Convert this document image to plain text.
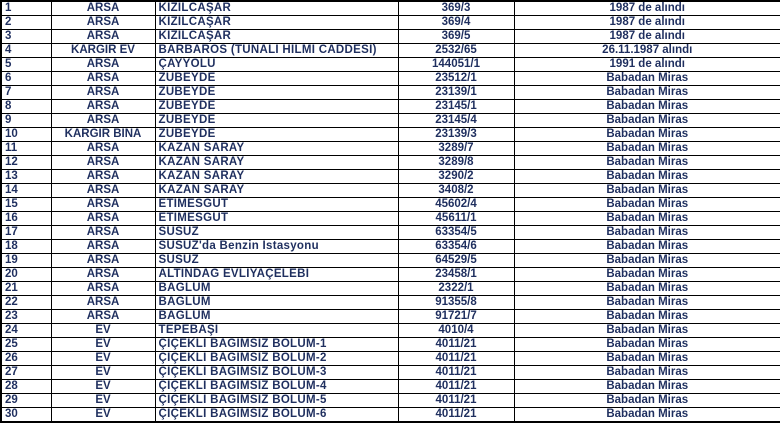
1	ARSA	KIZILCAŞAR	369/3	1987 de alındı
2	ARSA	KIZILCAŞAR	369/4	1987 de alındı
3	ARSA	KIZILCAŞAR	369/5	1987 de alındı
4	KARGİR EV	BARBAROS (TUNALI HİLMİ CADDESİ)	2532/65	26.11.1987 alındı
5	ARSA	ÇAYYOLU	144051/1	1991 de alındı
6	ARSA	ZÜBEYDE	23512/1	Babadan Miras
7	ARSA	ZÜBEYDE	23139/1	Babadan Miras
8	ARSA	ZÜBEYDE	23145/1	Babadan Miras
9	ARSA	ZÜBEYDE	23145/4	Babadan Miras
10	KARGİR BİNA	ZÜBEYDE	23139/3	Babadan Miras
11	ARSA	KAZAN SARAY	3289/7	Babadan Miras
12	ARSA	KAZAN SARAY	3289/8	Babadan Miras
13	ARSA	KAZAN SARAY	3290/2	Babadan Miras
14	ARSA	KAZAN SARAY	3408/2	Babadan Miras
15	ARSA	ETİMESGUT	45602/4	Babadan Miras
16	ARSA	ETİMESGUT	45611/1	Babadan Miras
17	ARSA	SUSUZ	63354/5	Babadan Miras
18	ARSA	SUSUZ'da Benzin İstasyonu	63354/6	Babadan Miras
19	ARSA	SUSUZ	64529/5	Babadan Miras
20	ARSA	ALTINDAĞ EVLİYAÇELEBİ	23458/1	Babadan Miras
21	ARSA	BAĞLUM	2322/1	Babadan Miras
22	ARSA	BAĞLUM	91355/8	Babadan Miras
23	ARSA	BAĞLUM	91721/7	Babadan Miras
24	EV	TEPEBAŞI	4010/4	Babadan Miras
25	EV	ÇİÇEKLİ BAĞIMSIZ BÖLÜM-1	4011/21	Babadan Miras
26	EV	ÇİÇEKLİ BAĞIMSIZ BÖLÜM-2	4011/21	Babadan Miras
27	EV	ÇİÇEKLİ BAĞIMSIZ BÖLÜM-3	4011/21	Babadan Miras
28	EV	ÇİÇEKLİ BAĞIMSIZ BÖLÜM-4	4011/21	Babadan Miras
29	EV	ÇİÇEKLİ BAĞIMSIZ BÖLÜM-5	4011/21	Babadan Miras
30	EV	ÇİÇEKLİ BAĞIMSIZ BÖLÜM-6	4011/21	Babadan Miras
